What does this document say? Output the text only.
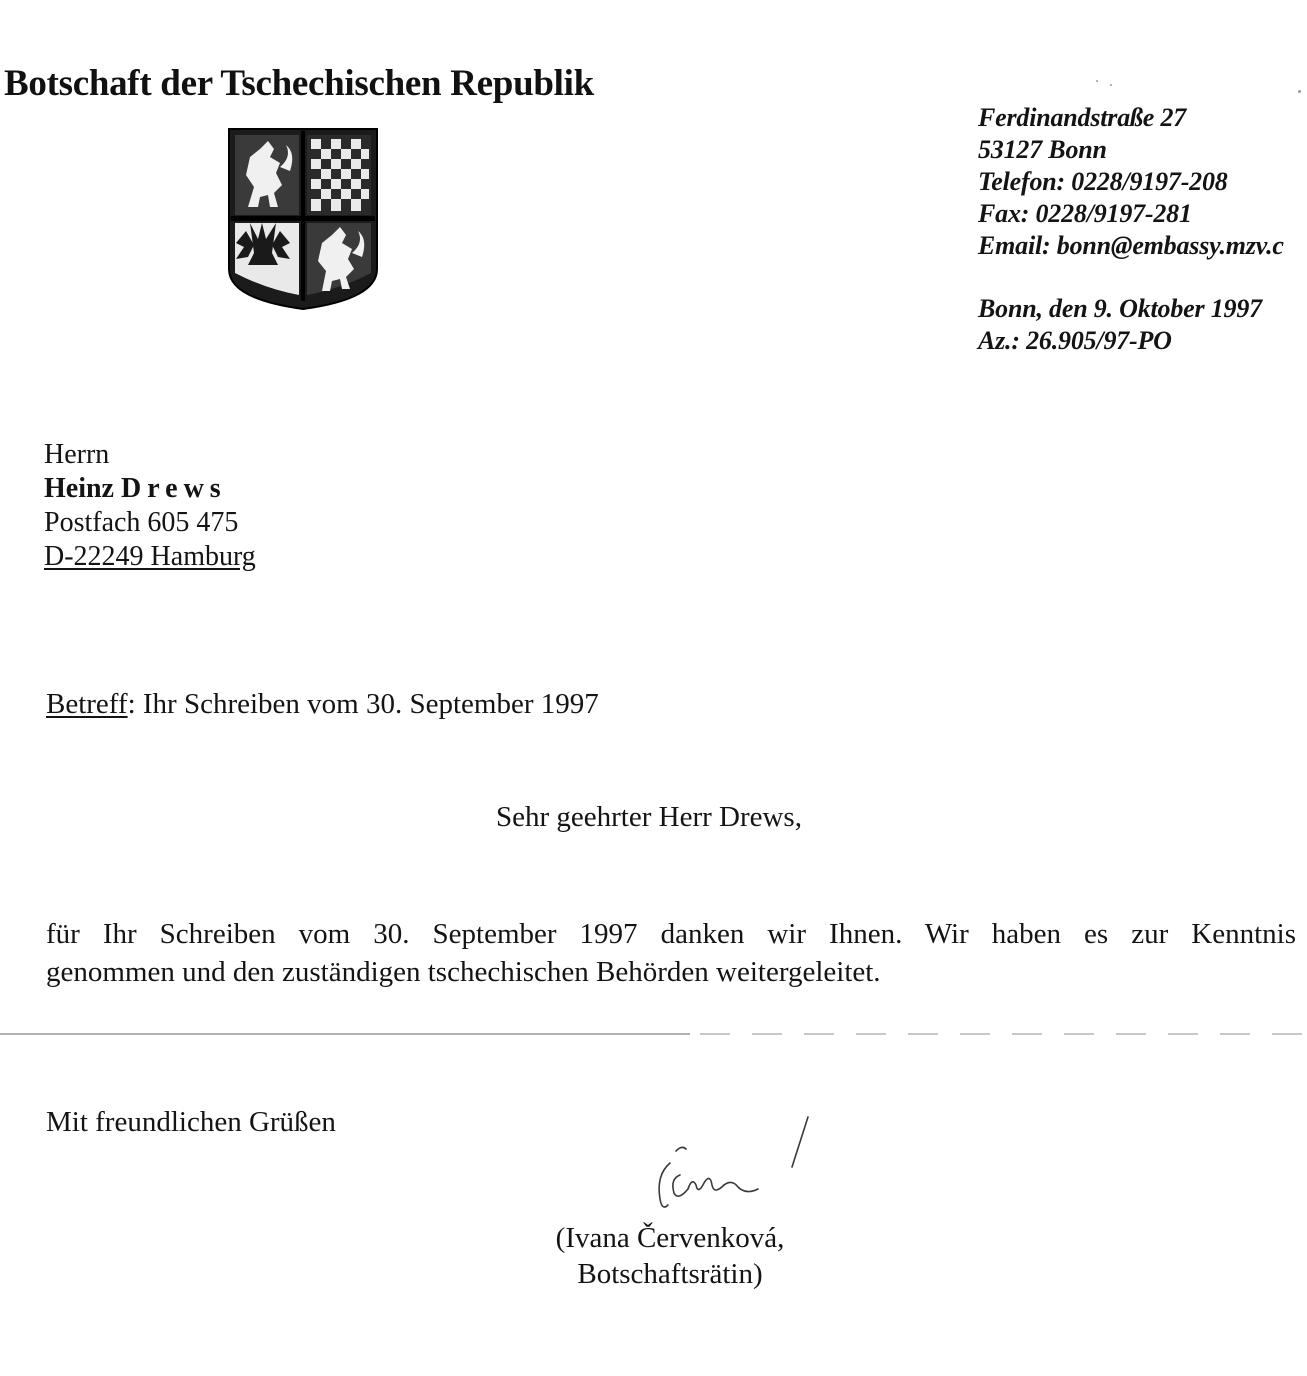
Botschaft der Tschechischen Republik
Ferdinandstraße 27
53127 Bonn
Telefon: 0228/9197-208
Fax: 0228/9197-281
Email: bonn@embassy.mzv.c
Bonn, den 9. Oktober 1997
Az.: 26.905/97-PO
Herrn
Heinz Drews
Postfach 605 475
D-22249 Hamburg
Betreff: Ihr Schreiben vom 30. September 1997
Sehr geehrter Herr Drews,
für Ihr Schreiben vom 30. September 1997 danken wir Ihnen. Wir haben es zur Kenntnis
genommen und den zuständigen tschechischen Behörden weitergeleitet.
Mit freundlichen Grüßen
(Ivana Červenková,
Botschaftsrätin)
